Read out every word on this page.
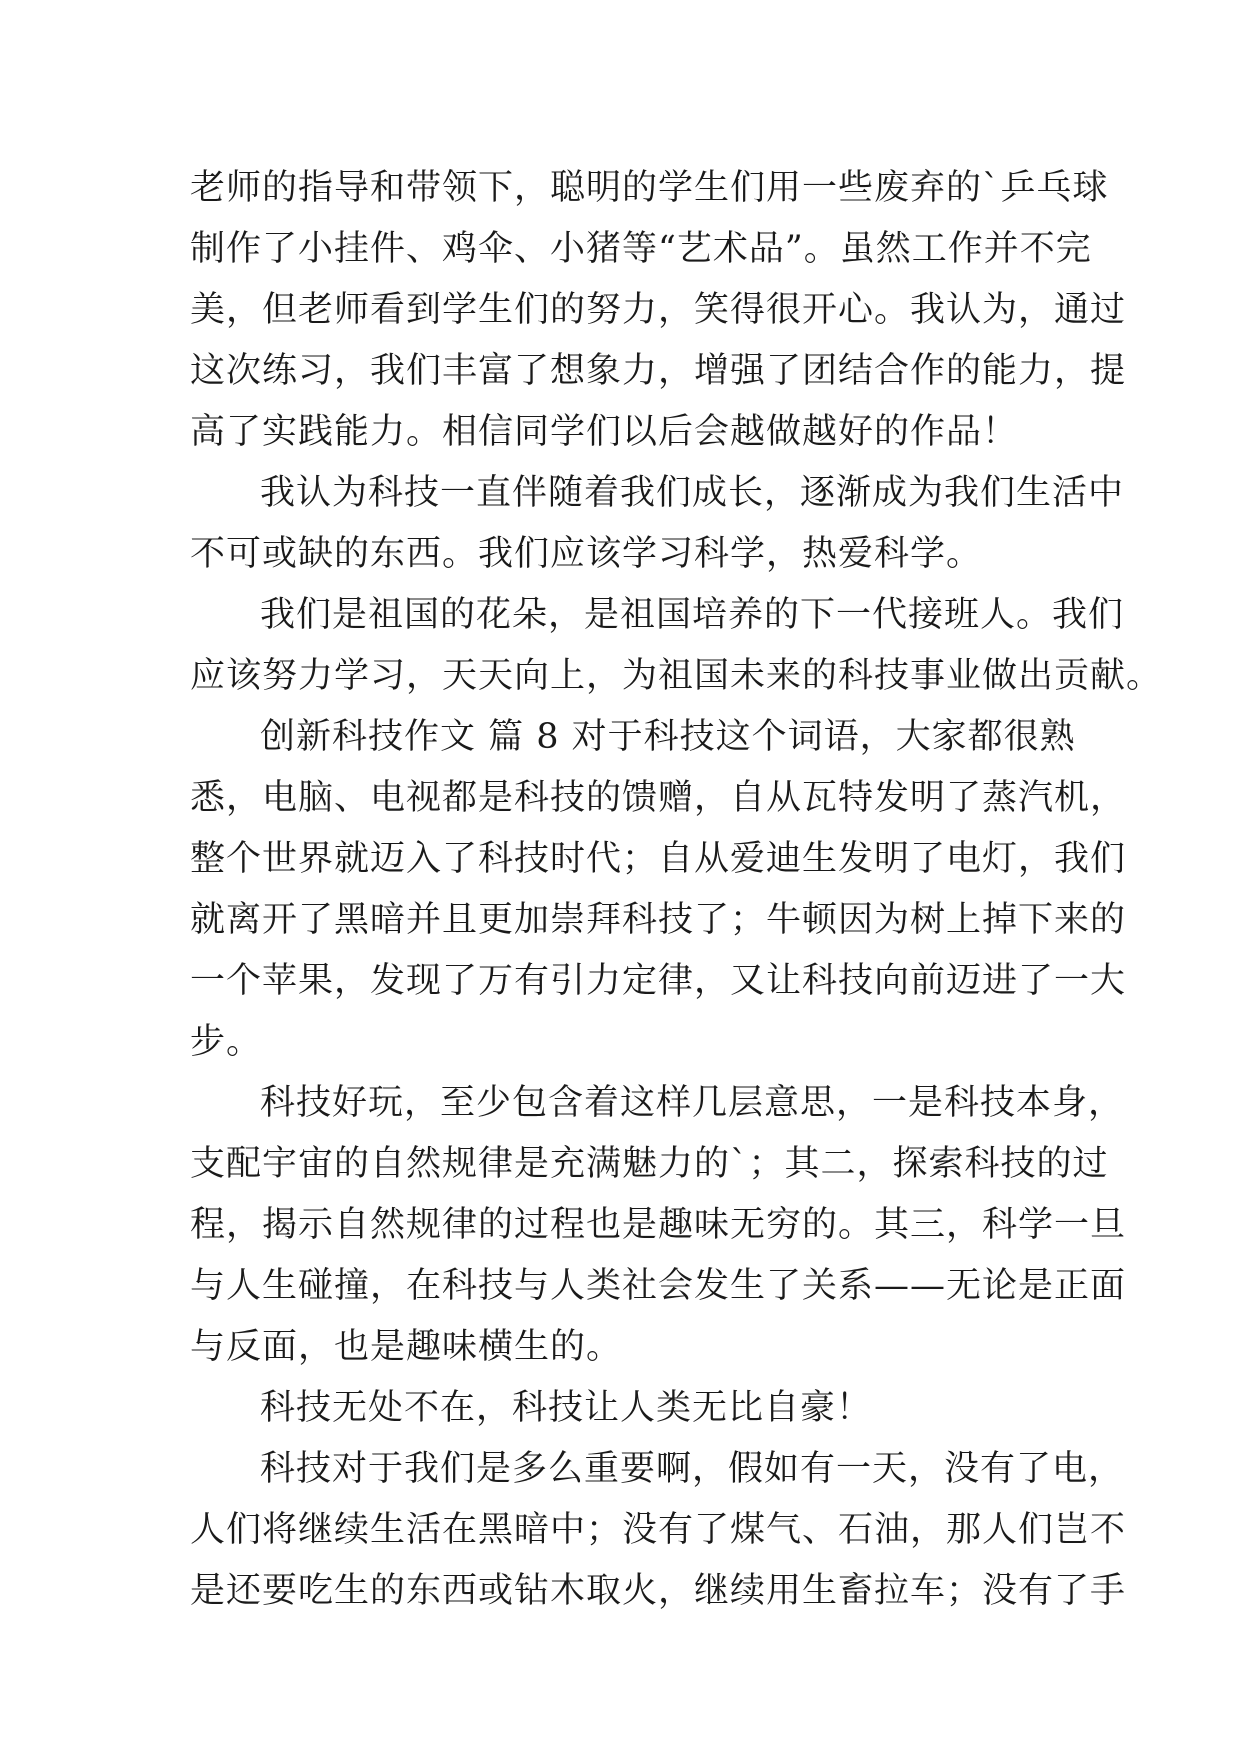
老师的指导和带领下，聪明的学生们用一些废弃的`乒乓球
制作了小挂件、鸡伞、小猪等“艺术品”。虽然工作并不完
美，但老师看到学生们的努力，笑得很开心。我认为，通过
这次练习，我们丰富了想象力，增强了团结合作的能力，提
高了实践能力。相信同学们以后会越做越好的作品！
我认为科技一直伴随着我们成长，逐渐成为我们生活中
不可或缺的东西。我们应该学习科学，热爱科学。
我们是祖国的花朵，是祖国培养的下一代接班人。我们
应该努力学习，天天向上，为祖国未来的科技事业做出贡献。
创新科技作文 篇 8 对于科技这个词语，大家都很熟
悉，电脑、电视都是科技的馈赠，自从瓦特发明了蒸汽机，
整个世界就迈入了科技时代；自从爱迪生发明了电灯，我们
就离开了黑暗并且更加崇拜科技了；牛顿因为树上掉下来的
一个苹果，发现了万有引力定律，又让科技向前迈进了一大
步。
科技好玩，至少包含着这样几层意思，一是科技本身，
支配宇宙的自然规律是充满魅力的`；其二，探索科技的过
程，揭示自然规律的过程也是趣味无穷的。其三，科学一旦
与人生碰撞，在科技与人类社会发生了关系——无论是正面
与反面，也是趣味横生的。
科技无处不在，科技让人类无比自豪！
科技对于我们是多么重要啊，假如有一天，没有了电，
人们将继续生活在黑暗中；没有了煤气、石油，那人们岂不
是还要吃生的东西或钻木取火，继续用生畜拉车；没有了手
